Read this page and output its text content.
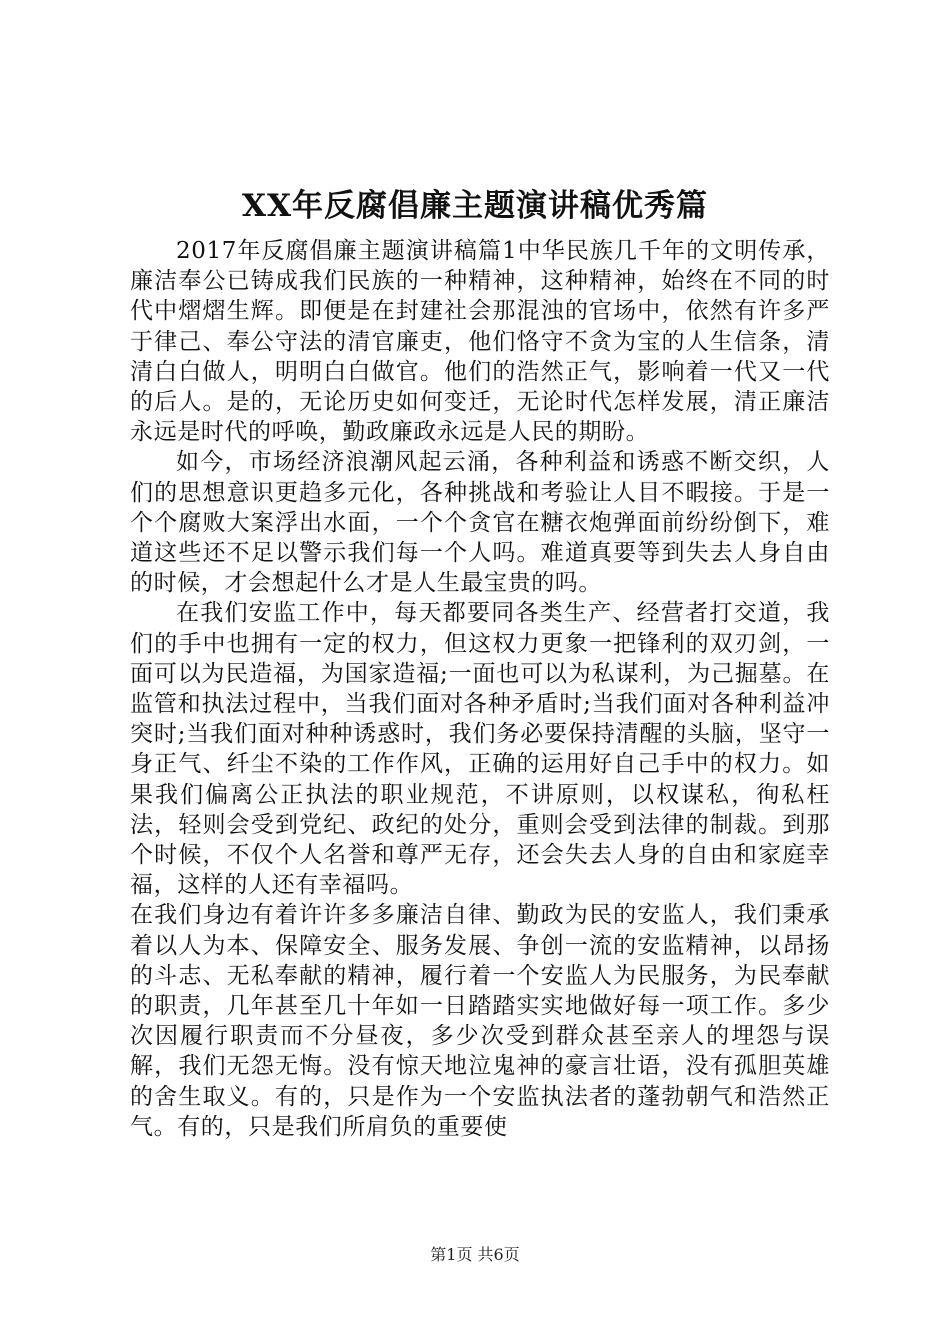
XX年反腐倡廉主题演讲稿优秀篇

2017年反腐倡廉主题演讲稿篇1中华民族几千年的文明传承，廉洁奉公已铸成我们民族的一种精神，这种精神，始终在不同的时代中熠熠生辉。即便是在封建社会那混浊的官场中，依然有许多严于律己、奉公守法的清官廉吏，他们恪守不贪为宝的人生信条，清清白白做人，明明白白做官。他们的浩然正气，影响着一代又一代的后人。是的，无论历史如何变迁，无论时代怎样发展，清正廉洁永远是时代的呼唤，勤政廉政永远是人民的期盼。

如今，市场经济浪潮风起云涌，各种利益和诱惑不断交织，人们的思想意识更趋多元化，各种挑战和考验让人目不暇接。于是一个个腐败大案浮出水面，一个个贪官在糖衣炮弹面前纷纷倒下，难道这些还不足以警示我们每一个人吗。难道真要等到失去人身自由的时候，才会想起什么才是人生最宝贵的吗。

在我们安监工作中，每天都要同各类生产、经营者打交道，我们的手中也拥有一定的权力，但这权力更象一把锋利的双刃剑，一面可以为民造福，为国家造福;一面也可以为私谋利，为己掘墓。在监管和执法过程中，当我们面对各种矛盾时;当我们面对各种利益冲突时;当我们面对种种诱惑时，我们务必要保持清醒的头脑，坚守一身正气、纤尘不染的工作作风，正确的运用好自己手中的权力。如果我们偏离公正执法的职业规范，不讲原则，以权谋私，徇私枉法，轻则会受到党纪、政纪的处分，重则会受到法律的制裁。到那个时候，不仅个人名誉和尊严无存，还会失去人身的自由和家庭幸福，这样的人还有幸福吗。

在我们身边有着许许多多廉洁自律、勤政为民的安监人，我们秉承着以人为本、保障安全、服务发展、争创一流的安监精神，以昂扬的斗志、无私奉献的精神，履行着一个安监人为民服务，为民奉献的职责，几年甚至几十年如一日踏踏实实地做好每一项工作。多少次因履行职责而不分昼夜，多少次受到群众甚至亲人的埋怨与误解，我们无怨无悔。没有惊天地泣鬼神的豪言壮语，没有孤胆英雄的舍生取义。有的，只是作为一个安监执法者的蓬勃朝气和浩然正气。有的，只是我们所肩负的重要使

第1页 共6页
